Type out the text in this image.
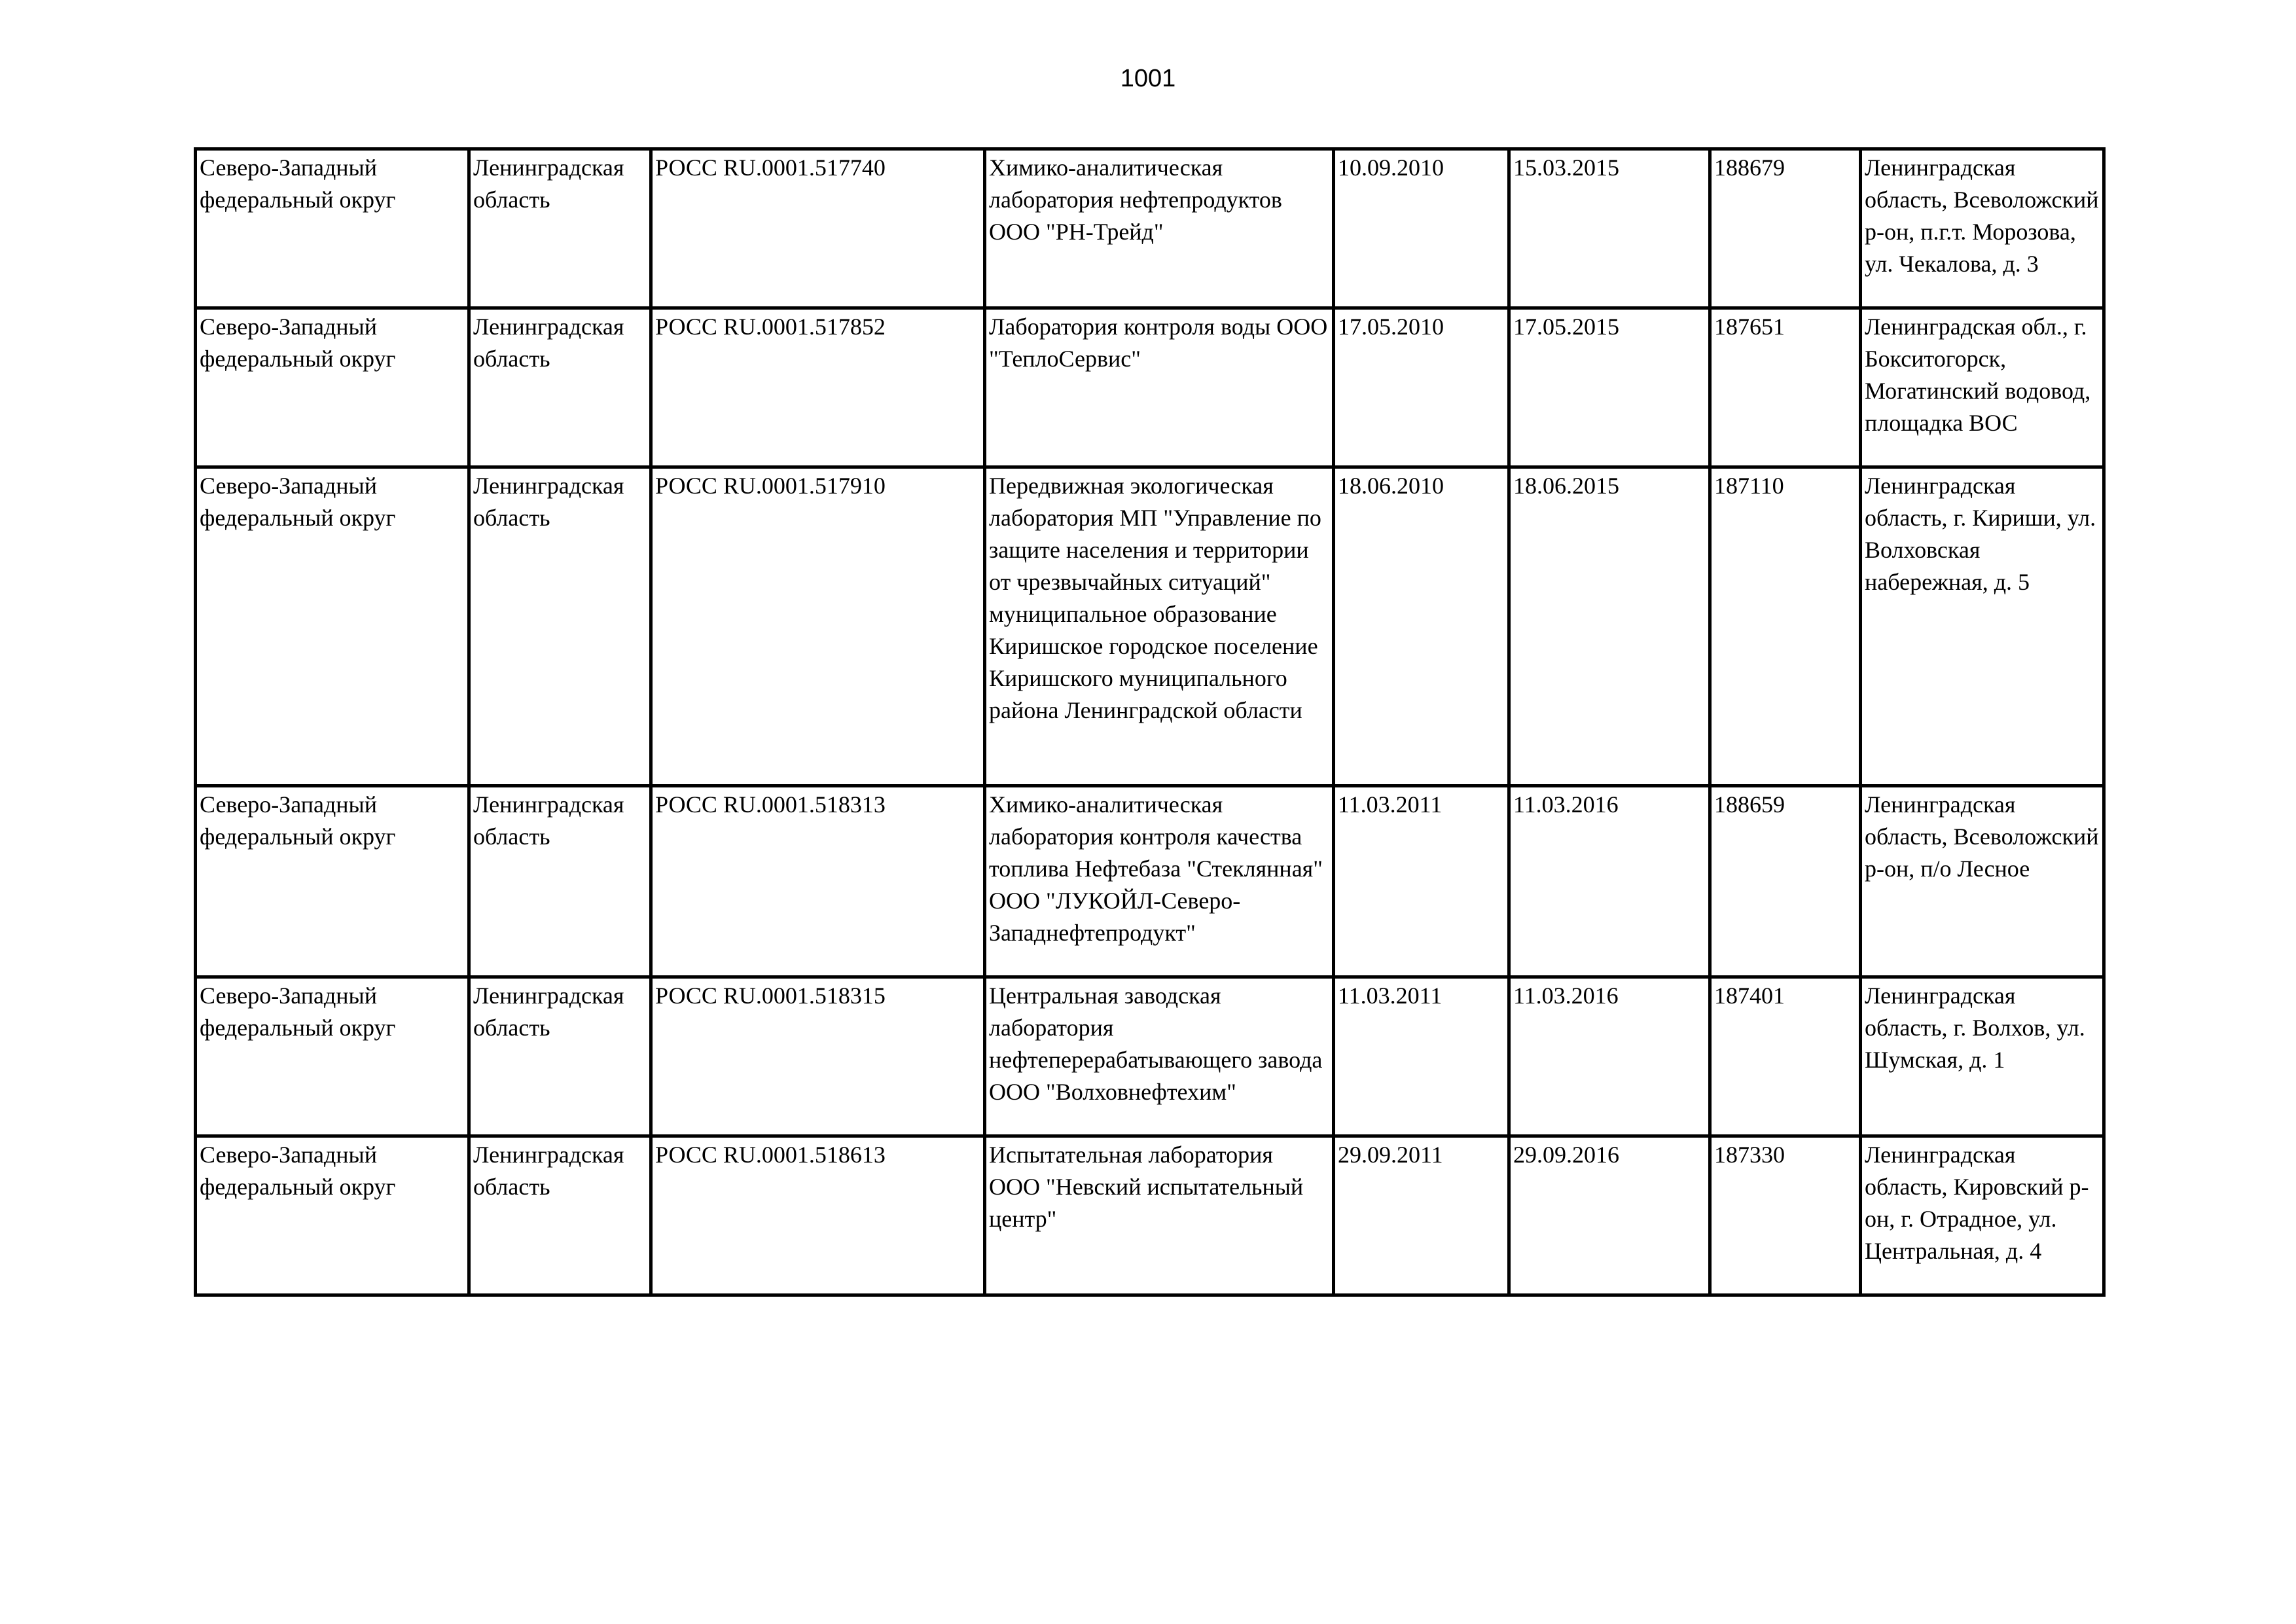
1001
Северо-Западный федеральный округ	Ленинградская область	РОСС RU.0001.517740	Химико-аналитическая лаборатория нефтепродуктов ООО "РН-Трейд"	10.09.2010	15.03.2015	188679	Ленинградская область, Всеволожский р-он, п.г.т. Морозова, ул. Чекалова, д. 3
Северо-Западный федеральный округ	Ленинградская область	РОСС RU.0001.517852	Лаборатория контроля воды ООО "ТеплоСервис"	17.05.2010	17.05.2015	187651	Ленинградская обл., г. Бокситогорск, Могатинский водовод, площадка ВОС
Северо-Западный федеральный округ	Ленинградская область	РОСС RU.0001.517910	Передвижная экологическая лаборатория МП "Управление по защите населения и территории от чрезвычайных ситуаций" муниципальное образование Киришское городское поселение Киришского муниципального района Ленинградской области	18.06.2010	18.06.2015	187110	Ленинградская область, г. Кириши, ул. Волховская набережная, д. 5
Северо-Западный федеральный округ	Ленинградская область	РОСС RU.0001.518313	Химико-аналитическая лаборатория контроля качества топлива Нефтебаза "Стеклянная" ООО "ЛУКОЙЛ-Северо-Западнефтепродукт"	11.03.2011	11.03.2016	188659	Ленинградская область, Всеволожский р-он, п/о Лесное
Северо-Западный федеральный округ	Ленинградская область	РОСС RU.0001.518315	Центральная заводская лаборатория нефтеперерабатывающего завода ООО "Волховнефтехим"	11.03.2011	11.03.2016	187401	Ленинградская область, г. Волхов, ул. Шумская, д. 1
Северо-Западный федеральный округ	Ленинградская область	РОСС RU.0001.518613	Испытательная лаборатория ООО "Невский испытательный центр"	29.09.2011	29.09.2016	187330	Ленинградская область, Кировский р-он, г. Отрадное, ул. Центральная, д. 4
